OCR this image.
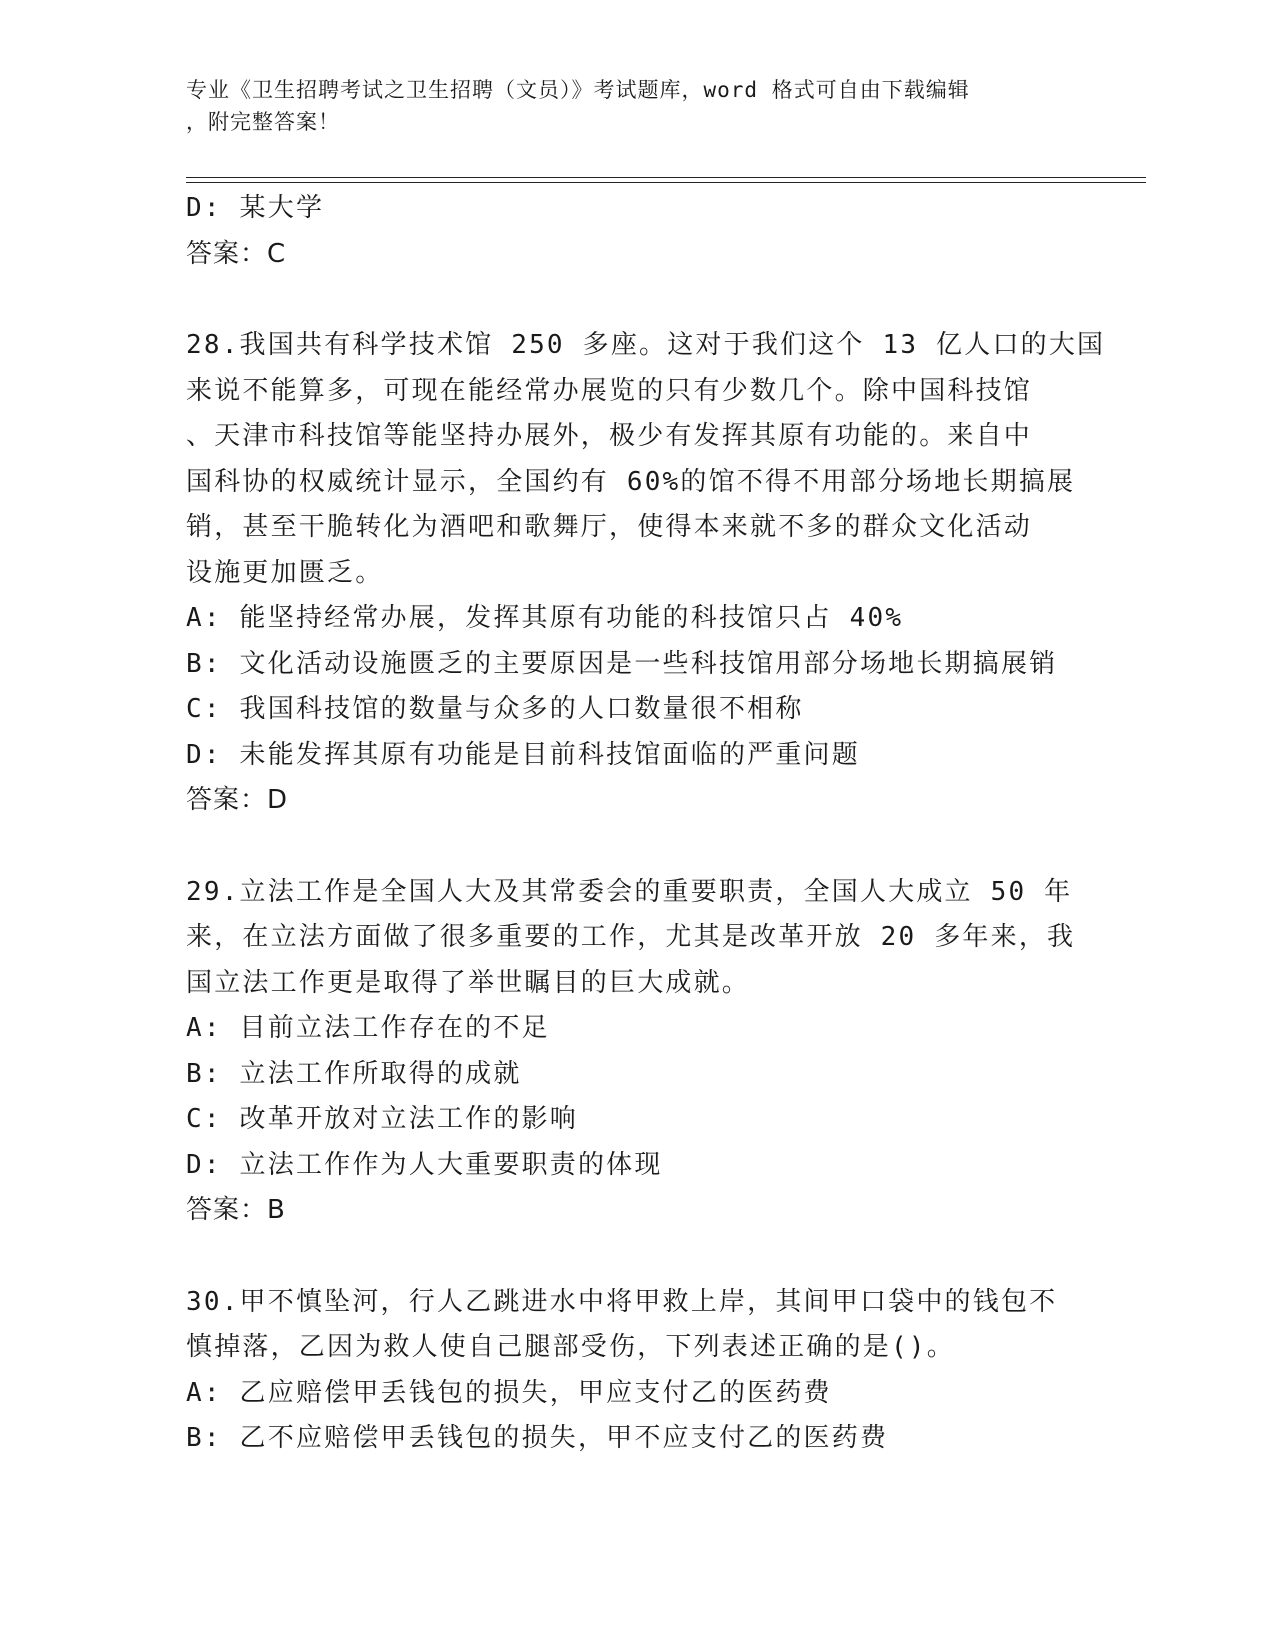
专业《卫生招聘考试之卫生招聘（文员）》考试题库，word 格式可自由下载编辑
，附完整答案！
D: 某大学
答案：C
28.我国共有科学技术馆 250 多座。这对于我们这个 13 亿人口的大国
来说不能算多，可现在能经常办展览的只有少数几个。除中国科技馆
、天津市科技馆等能坚持办展外，极少有发挥其原有功能的。来自中
国科协的权威统计显示，全国约有 60%的馆不得不用部分场地长期搞展
销，甚至干脆转化为酒吧和歌舞厅，使得本来就不多的群众文化活动
设施更加匮乏。
A: 能坚持经常办展，发挥其原有功能的科技馆只占 40%
B: 文化活动设施匮乏的主要原因是一些科技馆用部分场地长期搞展销
C: 我国科技馆的数量与众多的人口数量很不相称
D: 未能发挥其原有功能是目前科技馆面临的严重问题
答案：D
29.立法工作是全国人大及其常委会的重要职责，全国人大成立 50 年
来，在立法方面做了很多重要的工作，尤其是改革开放 20 多年来，我
国立法工作更是取得了举世瞩目的巨大成就。
A: 目前立法工作存在的不足
B: 立法工作所取得的成就
C: 改革开放对立法工作的影响
D: 立法工作作为人大重要职责的体现
答案：B
30.甲不慎坠河，行人乙跳进水中将甲救上岸，其间甲口袋中的钱包不
慎掉落，乙因为救人使自己腿部受伤，下列表述正确的是()。
A: 乙应赔偿甲丢钱包的损失，甲应支付乙的医药费
B: 乙不应赔偿甲丢钱包的损失，甲不应支付乙的医药费
